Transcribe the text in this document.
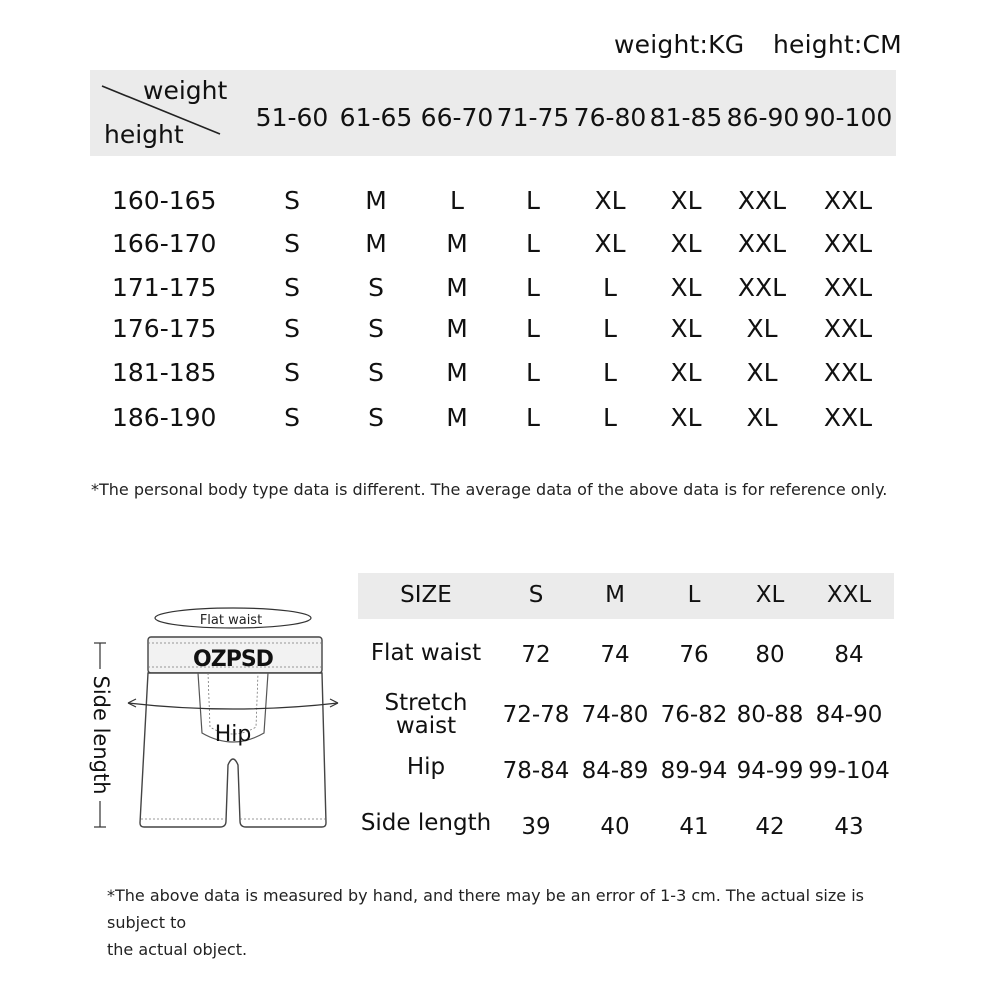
weight:KG height:CM
weight
height
51-60 61-65 66-70 71-75 76-80 81-85 86-90 90-100
160-165	S	M	L	L	XL	XL	XXL	XXL
166-170	S	M	M	L	XL	XL	XXL	XXL
171-175	S	S	M	L	L	XL	XXL	XXL
176-175	S	S	M	L	L	XL	XL	XXL
181-185	S	S	M	L	L	XL	XL	XXL
186-190	S	S	M	L	L	XL	XL	XXL
*The personal body type data is different. The average data of the above data is for reference only.
Flat waist
OZPSD
Hip
Side length
SIZE	S	M	L	XL	XXL
Flat waist	72	74	76	80	84
Stretch
waist	72-78 74-80 76-82 80-88 84-90
Hip	78-84 84-89 89-94 94-99 99-104
Side length	39	40	41	42	43
*The above data is measured by hand, and there may be an error of 1-3 cm. The actual size is subject to
the actual object.
